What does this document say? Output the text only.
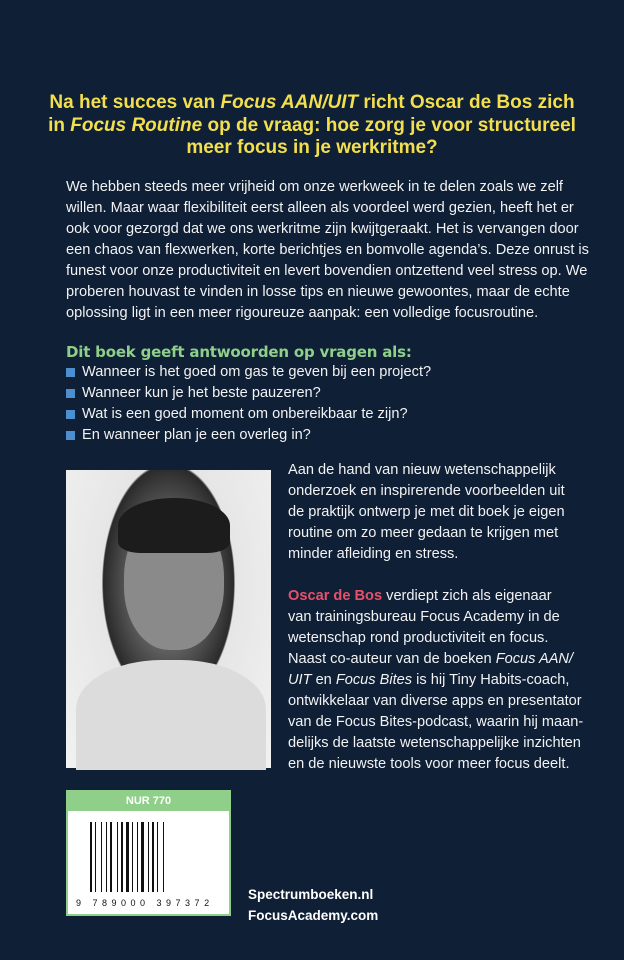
Na het succes van Focus AAN/UIT richt Oscar de Bos zich
in Focus Routine op de vraag: hoe zorg je voor structureel
meer focus in je werkritme?
We hebben steeds meer vrijheid om onze werkweek in te delen zoals we zelf
willen. Maar waar flexibiliteit eerst alleen als voordeel werd gezien, heeft het er
ook voor gezorgd dat we ons werkritme zijn kwijtgeraakt. Het is vervangen door
een chaos van flexwerken, korte berichtjes en bomvolle agenda’s. Deze onrust is
funest voor onze productiviteit en levert bovendien ontzettend veel stress op. We
proberen houvast te vinden in losse tips en nieuwe gewoontes, maar de echte
oplossing ligt in een meer rigoureuze aanpak: een volledige focusroutine.
Dit boek geeft antwoorden op vragen als:
Wanneer is het goed om gas te geven bij een project?
Wanneer kun je het beste pauzeren?
Wat is een goed moment om onbereikbaar te zijn?
En wanneer plan je een overleg in?
Aan de hand van nieuw wetenschappelijk
onderzoek en inspirerende voorbeelden uit
de praktijk ontwerp je met dit boek je eigen
routine om zo meer gedaan te krijgen met
minder afleiding en stress.
Oscar de Bos verdiept zich als eigenaar
van trainingsbureau Focus Academy in de
wetenschap rond productiviteit en focus.
Naast co-auteur van de boeken Focus AAN/
UIT en Focus Bites is hij Tiny Habits-coach,
ontwikkelaar van diverse apps en presentator
van de Focus Bites-podcast, waarin hij maan-
delijks de laatste wetenschappelijke inzichten
en de nieuwste tools voor meer focus deelt.
NUR 770
9 789000 397372
Spectrumboeken.nl
FocusAcademy.com
